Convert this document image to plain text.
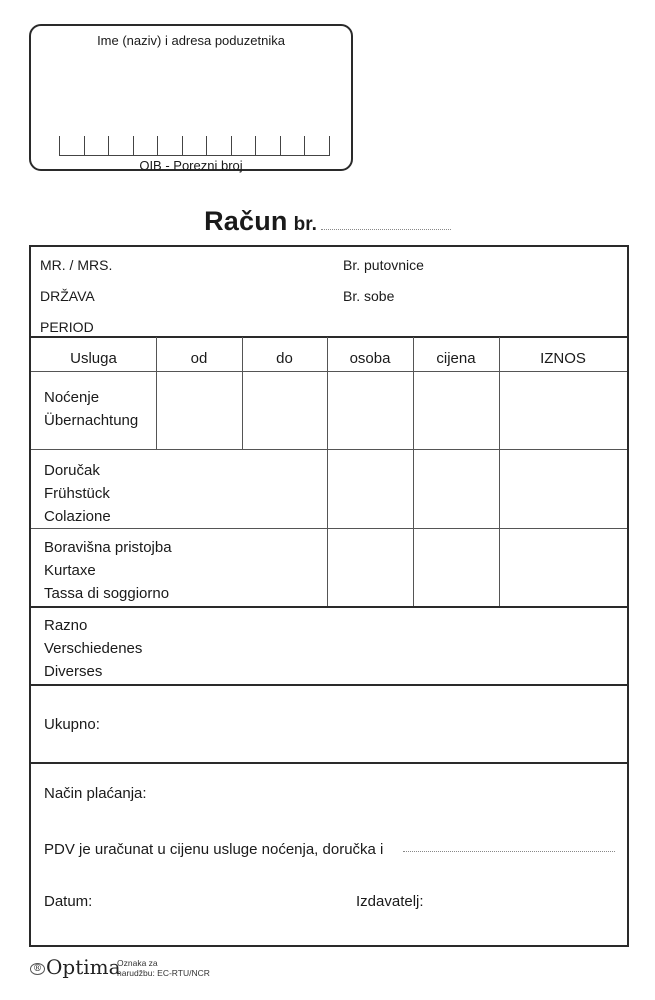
Ime (naziv) i adresa poduzetnika
OIB - Porezni broj
Račun br.
MR. / MRS.	Br. putovnice
DRŽAVA	Br. sobe
PERIOD
Usluga	od	do	osoba	cijena	IZNOS
Noćenje
Übernachtung
Doručak
Frühstück
Colazione
Boravišna pristojba
Kurtaxe
Tassa di soggiorno
Razno
Verschiedenes
Diverses
Ukupno:
Način plaćanja:
PDV je uračunat u cijenu usluge noćenja, doručka i
Datum:	Izdavatelj:
® Optima
Oznaka za
narudžbu: EC-RTU/NCR
